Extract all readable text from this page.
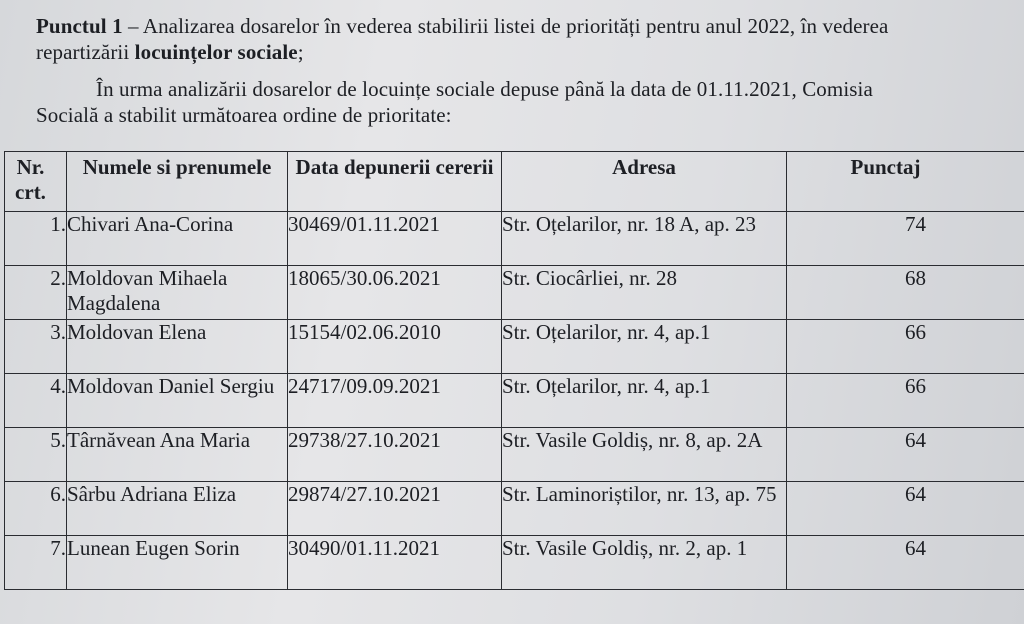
Punctul 1 – Analizarea dosarelor în vederea stabilirii listei de priorități pentru anul 2022, în vederea
repartizării locuințelor sociale;
În urma analizării dosarelor de locuințe sociale depuse până la data de 01.11.2021, Comisia
Socială a stabilit următoarea ordine de prioritate:
Nr. crt.	Numele si prenumele	Data depunerii cererii	Adresa	Punctaj

1.	Chivari Ana-Corina	30469/01.11.2021	Str. Oțelarilor, nr. 18 A, ap. 23	74
2.	Moldovan Mihaela Magdalena	18065/30.06.2021	Str. Ciocârliei, nr. 28	68
3.	Moldovan Elena	15154/02.06.2010	Str. Oțelarilor, nr. 4, ap.1	66
4.	Moldovan Daniel Sergiu	24717/09.09.2021	Str. Oțelarilor, nr. 4, ap.1	66
5.	Târnăvean Ana Maria	29738/27.10.2021	Str. Vasile Goldiș, nr. 8, ap. 2A	64
6.	Sârbu Adriana Eliza	29874/27.10.2021	Str. Laminoriștilor, nr. 13, ap. 75	64
7.	Lunean Eugen Sorin	30490/01.11.2021	Str. Vasile Goldiș, nr. 2, ap. 1	64
